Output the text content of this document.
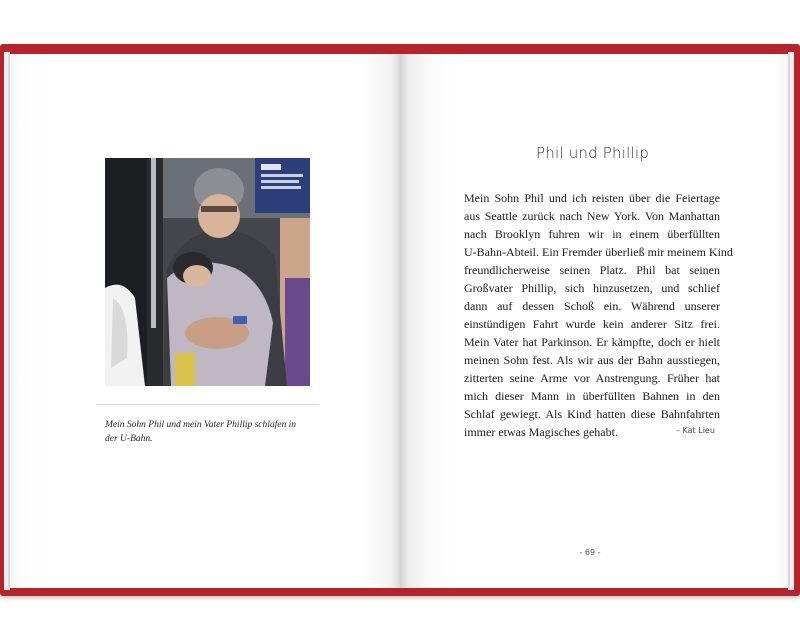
Mein Sohn Phil und mein Vater Phillip schlafen in der U-Bahn.
Phil und Phillip
Mein Sohn Phil und ich reisten über die Feiertage
aus Seattle zurück nach New York. Von Manhattan
nach Brooklyn fuhren wir in einem überfüllten
U-Bahn-Abteil. Ein Fremder überließ mir meinem Kind
freundlicherweise seinen Platz. Phil bat seinen
Großvater Phillip, sich hinzusetzen, und schlief
dann auf dessen Schoß ein. Während unserer
einstündigen Fahrt wurde kein anderer Sitz frei.
Mein Vater hat Parkinson. Er kämpfte, doch er hielt
meinen Sohn fest. Als wir aus der Bahn ausstiegen,
zitterten seine Arme vor Anstrengung. Früher hat
mich dieser Mann in überfüllten Bahnen in den
Schlaf gewiegt. Als Kind hatten diese Bahnfahrten
immer etwas Magisches gehabt.	– Kat Lieu
- 69 -
